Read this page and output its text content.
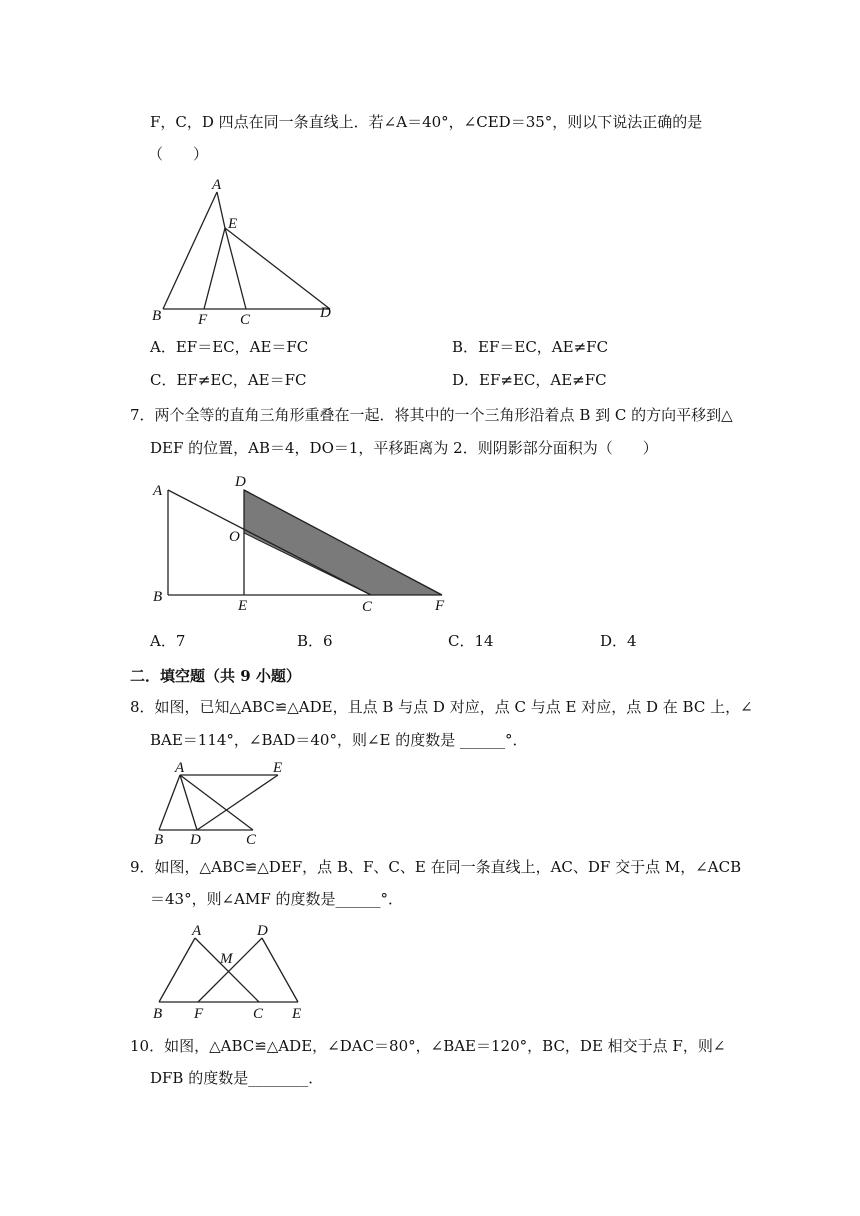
F，C，D 四点在同一条直线上．若∠A＝40°，∠CED＝35°，则以下说法正确的是
（　　）
A
E
B F C	D
A．EF＝EC，AE＝FC	B．EF＝EC，AE≠FC
C．EF≠EC，AE＝FC	D．EF≠EC，AE≠FC
7．两个全等的直角三角形重叠在一起．将其中的一个三角形沿着点 B 到 C 的方向平移到△
DEF 的位置，AB＝4，DO＝1，平移距离为 2．则阴影部分面积为（　　）
A
D
O
B
E	C	F
A．7	B．6	C．14	D．4
二．填空题（共 9 小题）
8．如图，已知△ABC≌△ADE，且点 B 与点 D 对应，点 C 与点 E 对应，点 D 在 BC 上，∠
BAE＝114°，∠BAD＝40°，则∠E 的度数是 ______°．
A	E
B D	C
9．如图，△ABC≌△DEF，点 B、F、C、E 在同一条直线上，AC、DF 交于点 M，∠ACB
＝43°，则∠AMF 的度数是______°．
A	D
M
B F	C E
10．如图，△ABC≌△ADE，∠DAC＝80°，∠BAE＝120°，BC，DE 相交于点 F，则∠
DFB 的度数是________．
